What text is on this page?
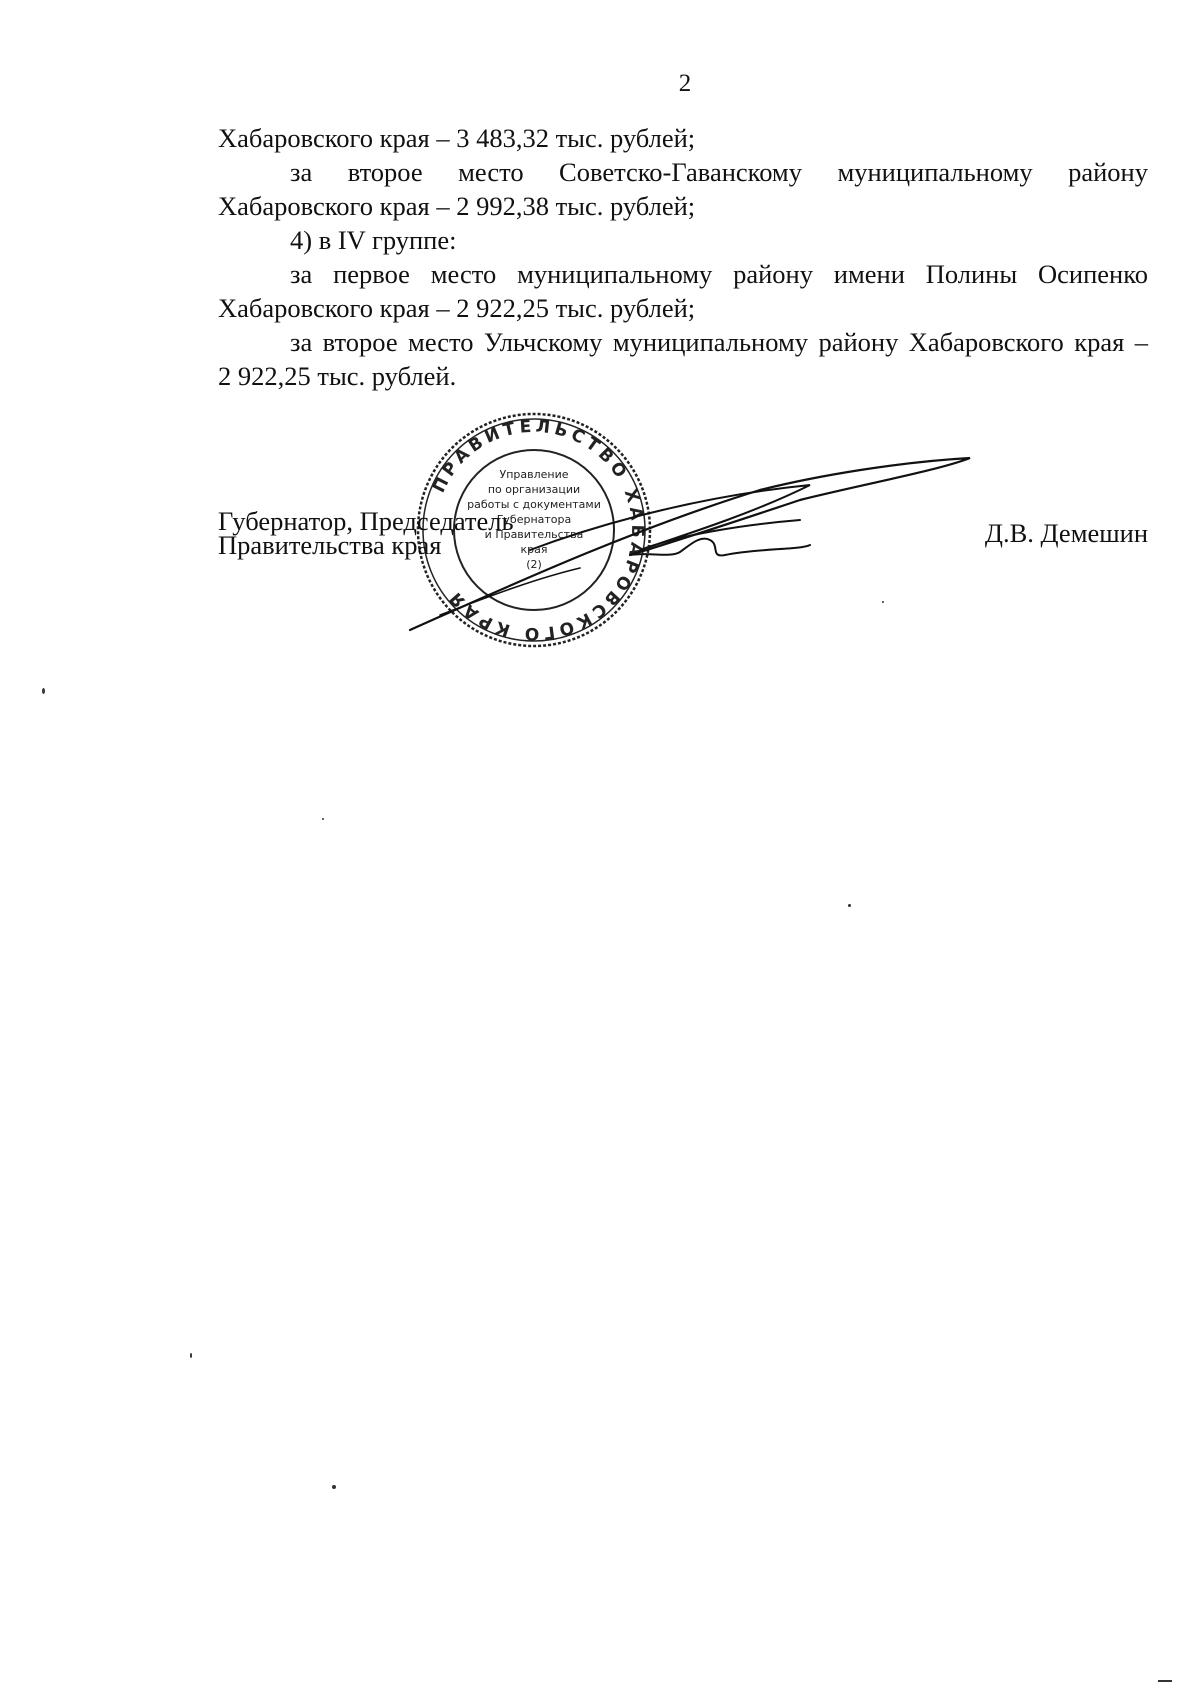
2

Хабаровского края – 3 483,32 тыс. рублей;

за второе место Советско-Гаванскому муниципальному району

Хабаровского края – 2 992,38 тыс. рублей;

4) в IV группе:

за первое место муниципальному району имени Полины Осипенко

Хабаровского края – 2 922,25 тыс. рублей;

за второе место Ульчскому муниципальному району Хабаровского края –

2 922,25 тыс. рублей.

ПРАВИТЕЛЬСТВО ХАБАРОВСКОГО КРАЯ
Управление
по организации
работы с документами
Губернатора
и Правительства
края
(2)
Губернатор, Председатель
Правительства края	Д.В. Демешин
